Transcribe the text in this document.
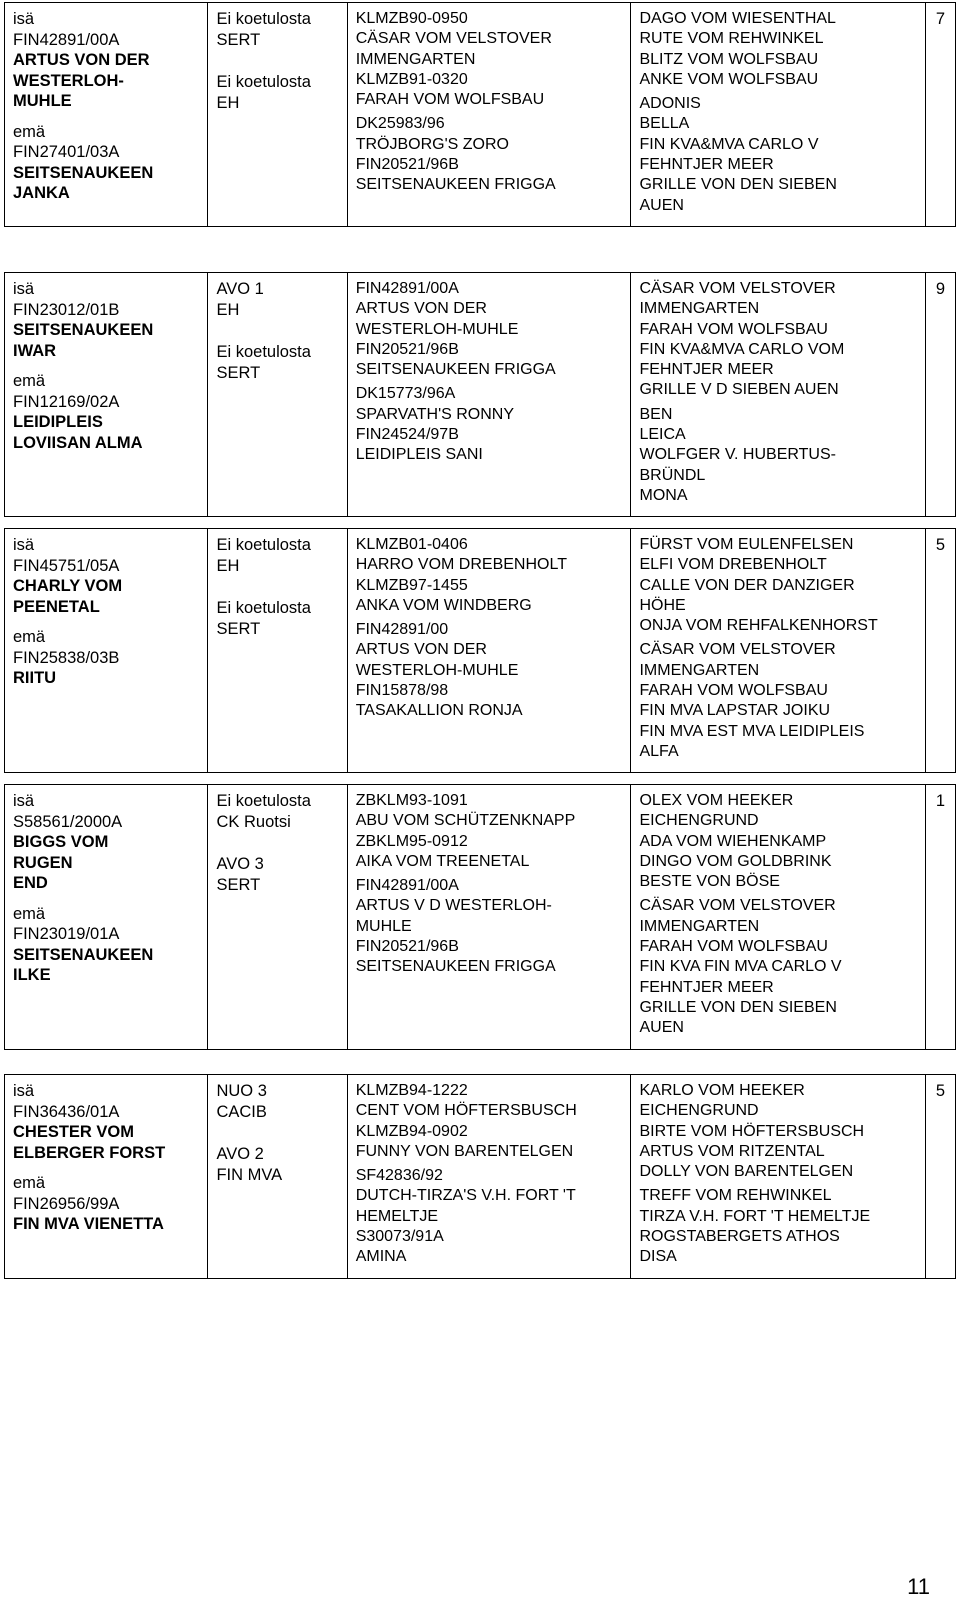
isä
FIN42891/00A
ARTUS VON DER
WESTERLOH-
MUHLE
emä
FIN27401/03A
SEITSENAUKEEN
JANKA

Ei koetulosta
SERT
Ei koetulosta
EH

KLMZB90-0950
CÄSAR VOM VELSTOVER
IMMENGARTEN
KLMZB91-0320
FARAH VOM WOLFSBAU
DK25983/96
TRÖJBORG'S ZORO
FIN20521/96B
SEITSENAUKEEN FRIGGA

DAGO VOM WIESENTHAL
RUTE VOM REHWINKEL
BLITZ VOM WOLFSBAU
ANKE VOM WOLFSBAU
ADONIS
BELLA
FIN KVA&MVA CARLO V
FEHNTJER MEER
GRILLE VON DEN SIEBEN
AUEN
	7
isä
FIN23012/01B
SEITSENAUKEEN
IWAR
emä
FIN12169/02A
LEIDIPLEIS
LOVIISAN ALMA

AVO 1
EH
Ei koetulosta
SERT

FIN42891/00A
ARTUS VON DER
WESTERLOH-MUHLE
FIN20521/96B
SEITSENAUKEEN FRIGGA
DK15773/96A
SPARVATH'S RONNY
FIN24524/97B
LEIDIPLEIS SANI

CÄSAR VOM VELSTOVER
IMMENGARTEN
FARAH VOM WOLFSBAU
FIN KVA&MVA CARLO VOM
FEHNTJER MEER
GRILLE V D SIEBEN AUEN
BEN
LEICA
WOLFGER V. HUBERTUS-
BRÜNDL
MONA
	9
isä
FIN45751/05A
CHARLY VOM
PEENETAL
emä
FIN25838/03B
RIITU

Ei koetulosta
EH
Ei koetulosta
SERT

KLMZB01-0406
HARRO VOM DREBENHOLT
KLMZB97-1455
ANKA VOM WINDBERG
FIN42891/00
ARTUS VON DER
WESTERLOH-MUHLE
FIN15878/98
TASAKALLION RONJA

FÜRST VOM EULENFELSEN
ELFI VOM DREBENHOLT
CALLE VON DER DANZIGER
HÖHE
ONJA VOM REHFALKENHORST
CÄSAR VOM VELSTOVER
IMMENGARTEN
FARAH VOM WOLFSBAU
FIN MVA LAPSTAR JOIKU
FIN MVA EST MVA LEIDIPLEIS
ALFA
	5
isä
S58561/2000A
BIGGS VOM
RUGEN
END
emä
FIN23019/01A
SEITSENAUKEEN
ILKE

Ei koetulosta
CK Ruotsi
AVO 3
SERT

ZBKLM93-1091
ABU VOM SCHÜTZENKNAPP
ZBKLM95-0912
AIKA VOM TREENETAL
FIN42891/00A
ARTUS V D WESTERLOH-
MUHLE
FIN20521/96B
SEITSENAUKEEN FRIGGA

OLEX VOM HEEKER
EICHENGRUND
ADA VOM WIEHENKAMP
DINGO VOM GOLDBRINK
BESTE VON BÖSE
CÄSAR VOM VELSTOVER
IMMENGARTEN
FARAH VOM WOLFSBAU
FIN KVA FIN MVA CARLO V
FEHNTJER MEER
GRILLE VON DEN SIEBEN
AUEN
	1
isä
FIN36436/01A
CHESTER VOM
ELBERGER FORST
emä
FIN26956/99A
FIN MVA VIENETTA

NUO 3
CACIB
AVO 2
FIN MVA

KLMZB94-1222
CENT VOM HÖFTERSBUSCH
KLMZB94-0902
FUNNY VON BARENTELGEN
SF42836/92
DUTCH-TIRZA'S V.H. FORT 'T
HEMELTJE
S30073/91A
AMINA

KARLO VOM HEEKER
EICHENGRUND
BIRTE VOM HÖFTERSBUSCH
ARTUS VOM RITZENTAL
DOLLY VON BARENTELGEN
TREFF VOM REHWINKEL
TIRZA V.H. FORT 'T HEMELTJE
ROGSTABERGETS ATHOS
DISA
	5
11
